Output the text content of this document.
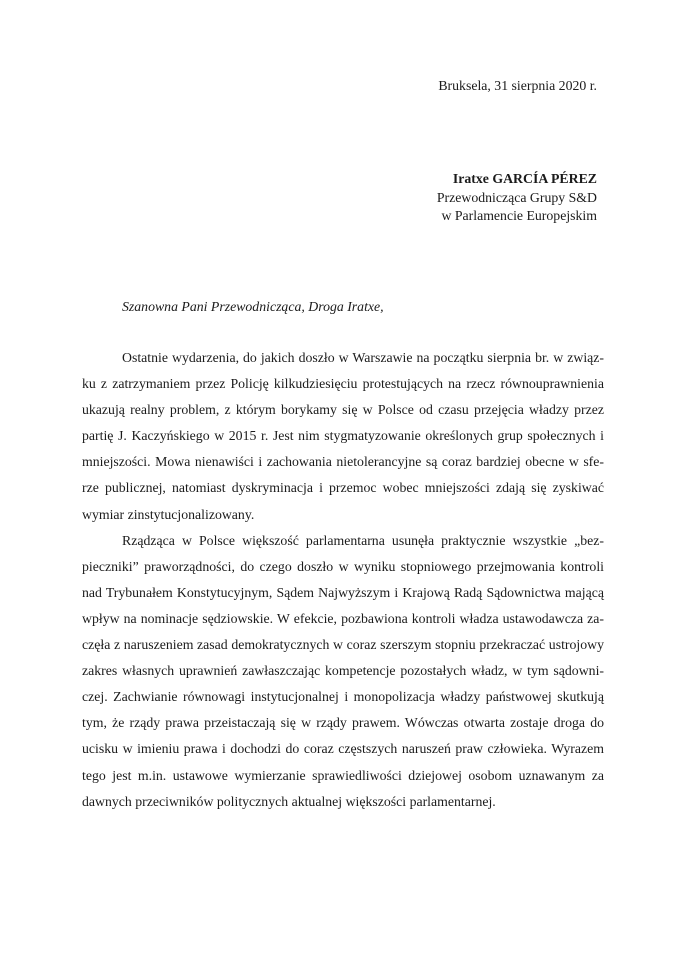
Bruksela, 31 sierpnia 2020 r.
Iratxe GARCÍA PÉREZ
Przewodnicząca Grupy S&D
w Parlamencie Europejskim
Szanowna Pani Przewodnicząca, Droga Iratxe,

Ostatnie wydarzenia, do jakich doszło w Warszawie na początku sierpnia br. w związ-
ku z zatrzymaniem przez Policję kilkudziesięciu protestujących na rzecz równouprawnienia
ukazują realny problem, z którym borykamy się w Polsce od czasu przejęcia władzy przez
partię J. Kaczyńskiego w 2015 r. Jest nim stygmatyzowanie określonych grup społecznych i
mniejszości. Mowa nienawiści i zachowania nietolerancyjne są coraz bardziej obecne w sfe-
rze publicznej, natomiast dyskryminacja i przemoc wobec mniejszości zdają się zyskiwać
wymiar zinstytucjonalizowany.

Rządząca w Polsce większość parlamentarna usunęła praktycznie wszystkie „bez-
pieczniki” praworządności, do czego doszło w wyniku stopniowego przejmowania kontroli
nad Trybunałem Konstytucyjnym, Sądem Najwyższym i Krajową Radą Sądownictwa mającą
wpływ na nominacje sędziowskie. W efekcie, pozbawiona kontroli władza ustawodawcza za-
częła z naruszeniem zasad demokratycznych w coraz szerszym stopniu przekraczać ustrojowy
zakres własnych uprawnień zawłaszczając kompetencje pozostałych władz, w tym sądowni-
czej. Zachwianie równowagi instytucjonalnej i monopolizacja władzy państwowej skutkują
tym, że rządy prawa przeistaczają się w rządy prawem. Wówczas otwarta zostaje droga do
ucisku w imieniu prawa i dochodzi do coraz częstszych naruszeń praw człowieka. Wyrazem
tego jest m.in. ustawowe wymierzanie sprawiedliwości dziejowej osobom uznawanym za
dawnych przeciwników politycznych aktualnej większości parlamentarnej.
